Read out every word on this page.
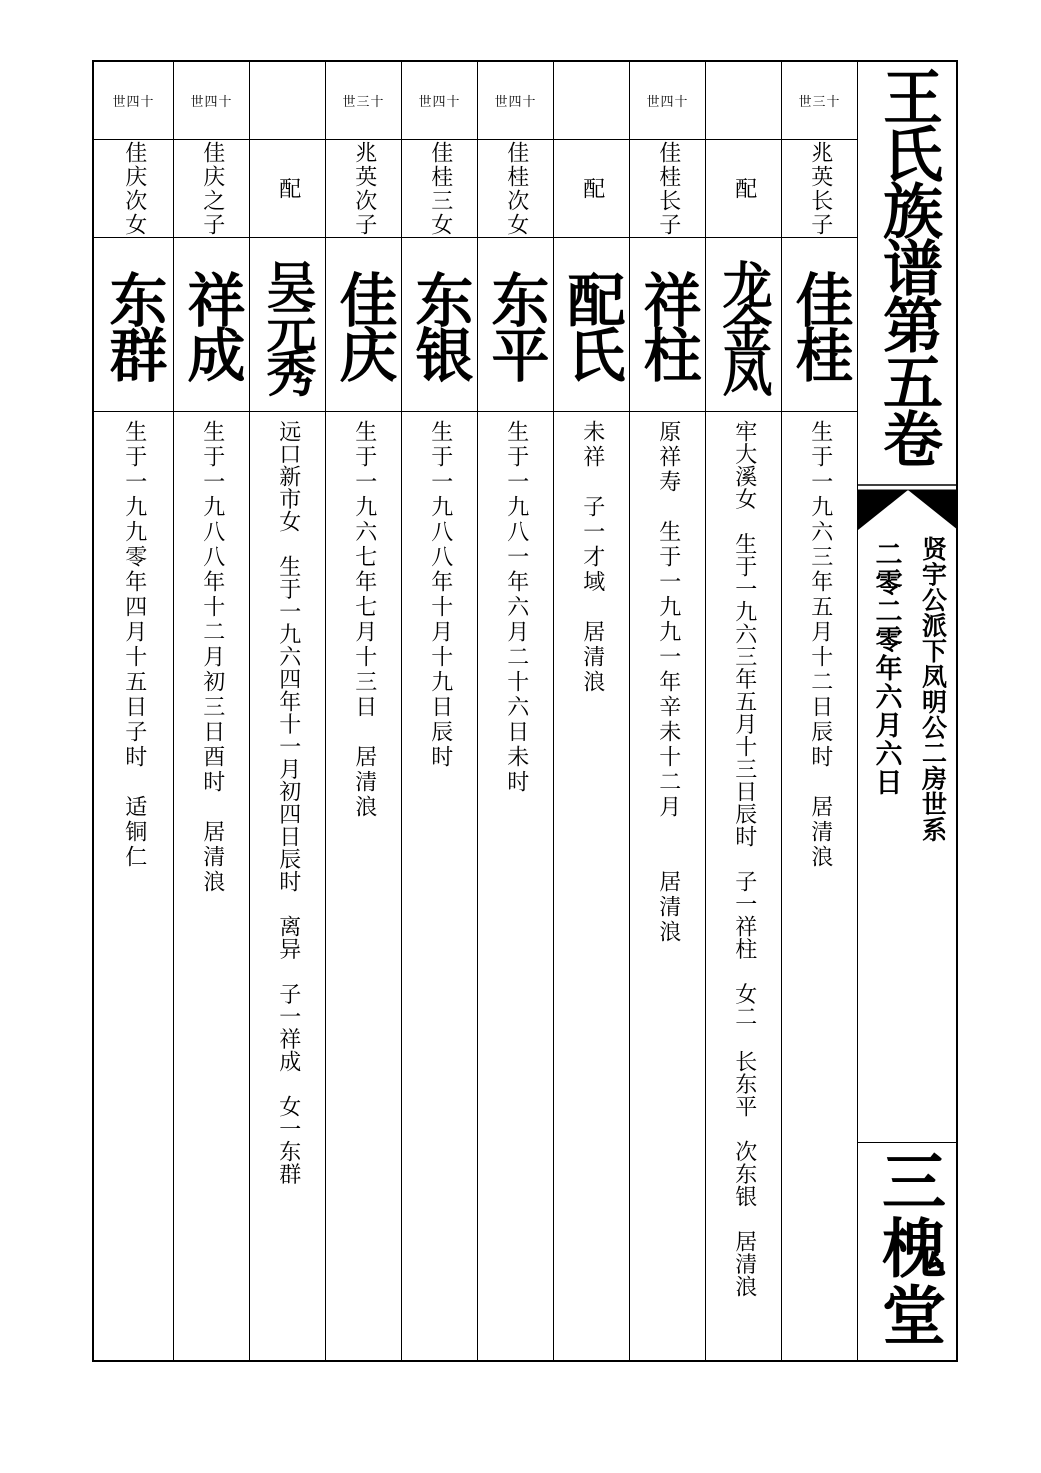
世三十
兆英长子
佳桂
生于一九六三年五月十二日辰时　居清浪
配
龙金凤
牢大溪女　生于一九六三年五月十三日辰时　子一祥柱　女二　长东平　次东银　居清浪
世四十
佳桂长子
祥柱
原祥寿　生于一九九一年辛未十二月　　居清浪
配
配氏
未祥　子一才域　居清浪
世四十
佳桂次女
东平
生于一九八一年六月二十六日未时
世四十
佳桂三女
东银
生于一九八八年十月十九日辰时
世三十
兆英次子
佳庆
生于一九六七年七月十三日　居清浪
配
吴元秀
远口新市女　生于一九六四年十一月初四日辰时　离异　子一祥成　女一东群
世四十
佳庆之子
祥成
生于一九八八年十二月初三日酉时　居清浪
世四十
佳庆次女
东群
生于一九九零年四月十五日子时　适铜仁
王氏族谱第五卷
贤宇公派下凤明公二房世系
二零二零年六月六日
三槐堂
